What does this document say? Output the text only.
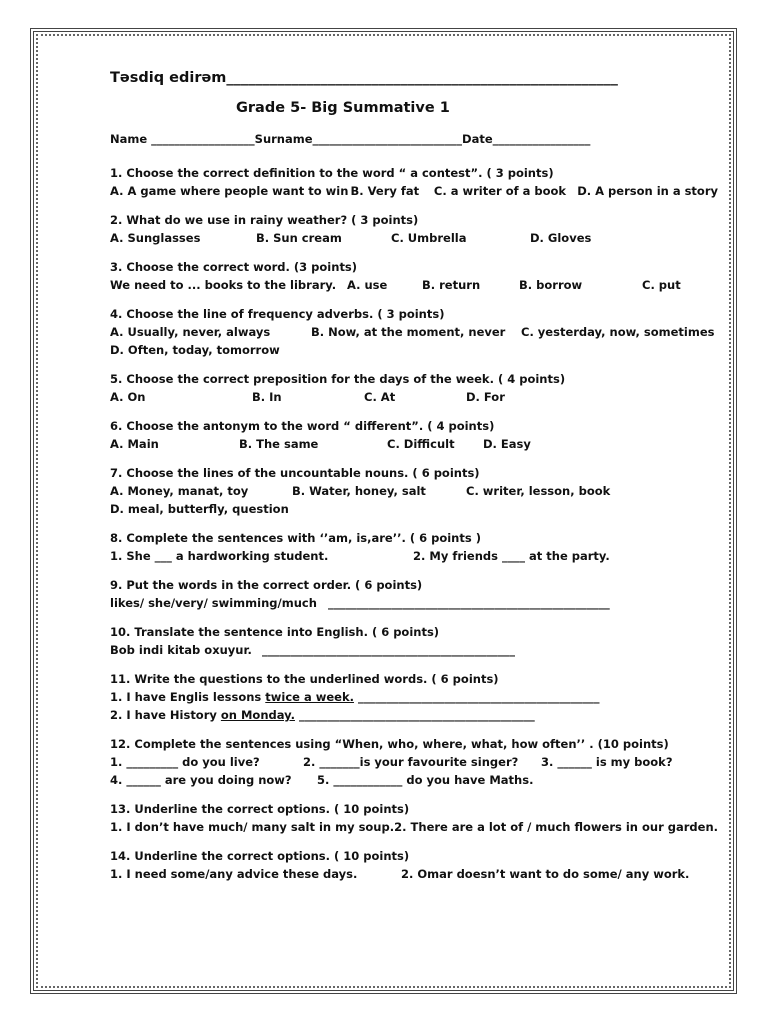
Təsdiq edirəm______________________________________________________
Grade 5- Big Summative 1
Name __________________Surname__________________________Date_________________
1. Choose the correct definition to the word “ a contest”. ( 3 points)
A. A game where people want to win B. Very fat	C. a writer of a book D. A person in a story
2. What do we use in rainy weather? ( 3 points)
A. Sunglasses	B. Sun cream	C. Umbrella	D. Gloves
3. Choose the correct word. (3 points)
We need to ... books to the library. A. use	B. return	B. borrow	C. put
4. Choose the line of frequency adverbs. ( 3 points)
A. Usually, never, always	B. Now, at the moment, never	C. yesterday, now, sometimes
D. Often, today, tomorrow
5. Choose the correct preposition for the days of the week. ( 4 points)
A. On	B. In	C. At	D. For
6. Choose the antonym to the word “ different”. ( 4 points)
A. Main	B. The same	C. Difficult	D. Easy
7. Choose the lines of the uncountable nouns. ( 6 points)
A. Money, manat, toy	B. Water, honey, salt	C. writer, lesson, book
D. meal, butterfly, question
8. Complete the sentences with ‘’am, is,are’’. ( 6 points )
1. She ___ a hardworking student.	2. My friends ____ at the party.
9. Put the words in the correct order. ( 6 points)
likes/ she/very/ swimming/much _________________________________________________
10. Translate the sentence into English. ( 6 points)
Bob indi kitab oxuyur. ____________________________________________
11. Write the questions to the underlined words. ( 6 points)
1. I have Englis lessons twice a week. __________________________________________
2. I have History on Monday. _________________________________________
12. Complete the sentences using “When, who, where, what, how often’’ . (10 points)
1. _________ do you live?	2. _______is your favourite singer?	3. ______ is my book?
4. ______ are you doing now?	5. ____________ do you have Maths.
13. Underline the correct options. ( 10 points)
1. I don’t have much/ many salt in my soup. 2. There are a lot of / much flowers in our garden.
14. Underline the correct options. ( 10 points)
1. I need some/any advice these days.	2. Omar doesn’t want to do some/ any work.
